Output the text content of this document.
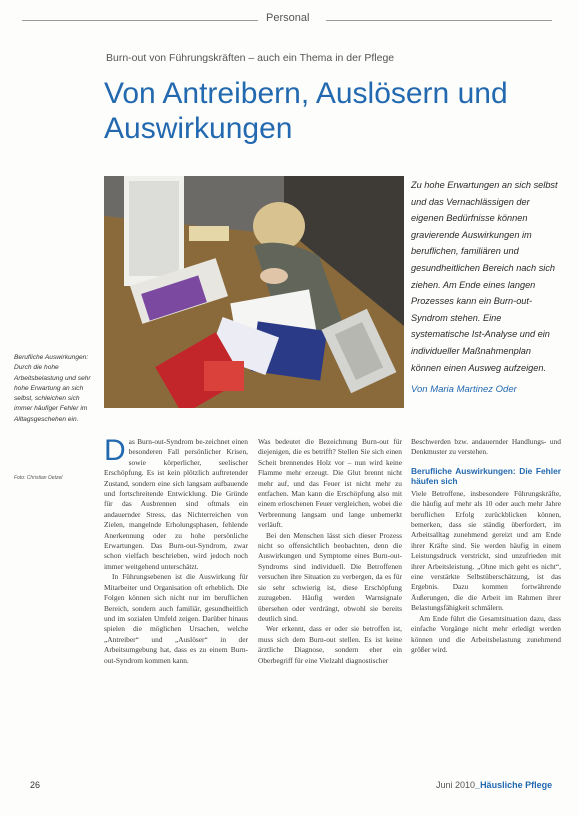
Personal
Burn-out von Führungskräften – auch ein Thema in der Pflege
Von Antreibern, Auslösern und Auswirkungen
Zu hohe Erwartungen an sich selbst und das Vernachlässigen der eigenen Bedürfnisse können gravierende Auswirkungen im beruflichen, familiären und gesundheitlichen Bereich nach sich ziehen. Am Ende eines langen Prozesses kann ein Burn-out-Syndrom stehen. Eine systematische Ist-Analyse und ein individueller Maßnahmenplan können einen Ausweg aufzeigen.
Von Maria Martinez Oder
Berufliche Auswirkungen: Durch die hohe Arbeitsbelastung und sehr hohe Erwartung an sich selbst, schleichen sich immer häufiger Fehler im Alltagsgeschehen ein.
Foto: Christian Oetzel

D as Burn-out-Syndrom be-zeichnet einen besonderen Fall persönlicher Krisen, sowie körperlicher, seelischer Erschöpfung. Es ist kein plötzlich auftretender Zustand, sondern eine sich langsam aufbauende und fortschreitende Entwicklung. Die Gründe für das Ausbrennen sind oftmals ein andauernder Stress, das Nichterreichen von Zielen, mangelnde Erholungsphasen, fehlende Anerkennung oder zu hohe persönliche Erwartungen. Das Burn-out-Syndrom, zwar schon vielfach beschrieben, wird jedoch noch immer weitgehend unterschätzt.

In Führungsebenen ist die Auswirkung für Mitarbeiter und Organisation oft erheblich. Die Folgen können sich nicht nur im beruflichen Bereich, sondern auch familiär, gesundheitlich und im sozialen Umfeld zeigen. Darüber hinaus spielen die möglichen Ursachen, welche „Antreiber“ und „Auslöser“ in der Arbeitsumgebung hat, dass es zu einem Burn-out-Syndrom kommen kann.

Was bedeutet die Bezeichnung Burn-out für diejenigen, die es betrifft? Stellen Sie sich einen Scheit brennendes Holz vor – nun wird keine Flamme mehr erzeugt. Die Glut brennt nicht mehr auf, und das Feuer ist nicht mehr zu entfachen. Man kann die Erschöpfung also mit einem erloschenen Feuer vergleichen, wobei die Verbrennung langsam und lange unbemerkt verläuft.

Bei den Menschen lässt sich dieser Prozess nicht so offensichtlich beobachten, denn die Auswirkungen und Symptome eines Burn-out-Syndroms sind individuell. Die Betroffenen versuchen ihre Situation zu verbergen, da es für sie sehr schwierig ist, diese Erschöpfung zuzugeben. Häufig werden Warnsignale übersehen oder verdrängt, obwohl sie bereits deutlich sind.

Wer erkennt, dass er oder sie betroffen ist, muss sich dem Burn-out stellen. Es ist keine ärztliche Diagnose, sondern eher ein Oberbegriff für eine Vielzahl diagnostischer

Beschwerden bzw. andauernder Handlungs- und Denkmuster zu verstehen.

Berufliche Auswirkungen: Die Fehler häufen sich

Viele Betroffene, insbesondere Führungskräfte, die häufig auf mehr als 10 oder auch mehr Jahre beruflichen Erfolg zurückblicken können, bemerken, dass sie ständig überfordert, im Arbeitsalltag zunehmend gereizt und am Ende ihrer Kräfte sind. Sie werden häufig in einem Leistungsdruck verstrickt, sind unzufrieden mit ihrer Arbeitsleistung. „Ohne mich geht es nicht“, eine verstärkte Selbstüberschätzung, ist das Ergebnis. Dazu kommen fortwährende Äußerungen, die die Arbeit im Rahmen ihrer Belastungsfähigkeit schmälern.

Am Ende führt die Gesamtsituation dazu, dass einfache Vorgänge nicht mehr erledigt werden können und die Arbeitsbelastung zunehmend größer wird.

26	Juni 2010_Häusliche Pflege
